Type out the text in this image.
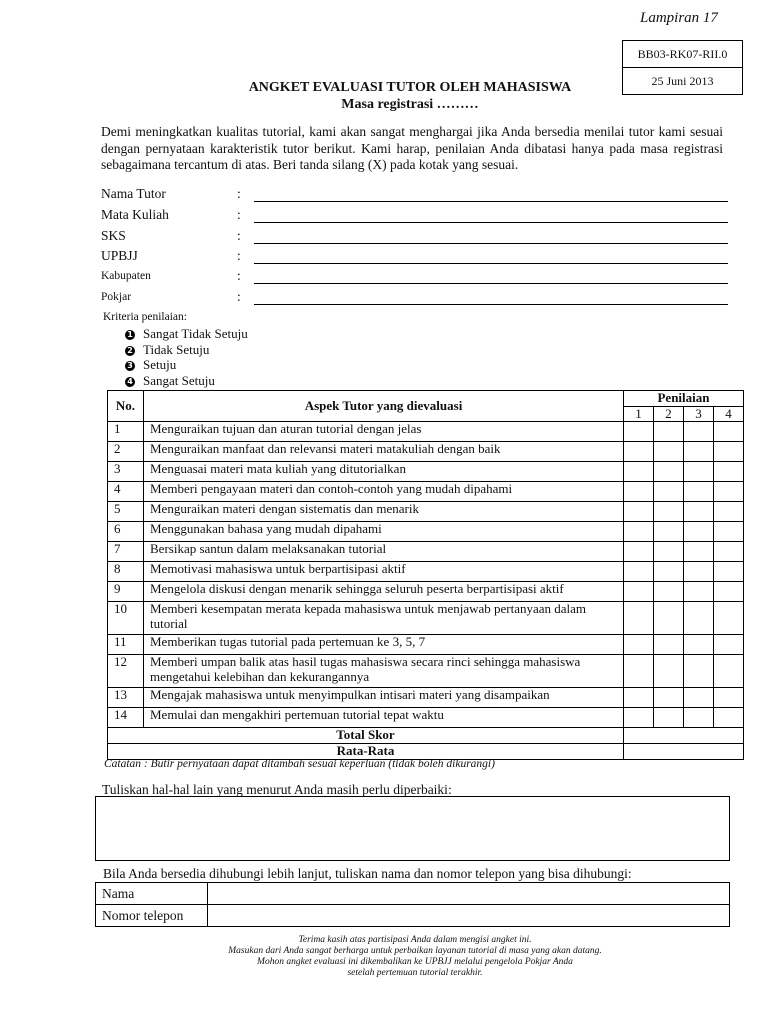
Lampiran 17
BB03-RK07-RII.0
25 Juni 2013
ANGKET EVALUASI TUTOR OLEH MAHASISWA
Masa registrasi ………
Demi meningkatkan kualitas tutorial, kami akan sangat menghargai jika Anda bersedia menilai tutor kami sesuai dengan pernyataan karakteristik tutor berikut. Kami harap, penilaian Anda dibatasi hanya pada masa registrasi sebagaimana tercantum di atas. Beri tanda silang (X) pada kotak yang sesuai.
Nama Tutor	:
Mata Kuliah	:
SKS	:
UPBJJ	:
Kabupaten	:
Pokjar	:
Kriteria penilaian:
1 Sangat Tidak Setuju
2 Tidak Setuju
3 Setuju
4 Sangat Setuju
No.	Aspek Tutor yang dievaluasi	Penilaian			
		1	2	3	4
1	Menguraikan tujuan dan aturan tutorial dengan jelas				
2	Menguraikan manfaat dan relevansi materi matakuliah dengan baik				
3	Menguasai materi mata kuliah yang ditutorialkan				
4	Memberi pengayaan materi dan contoh-contoh yang mudah dipahami				
5	Menguraikan materi dengan sistematis dan menarik				
6	Menggunakan bahasa yang mudah dipahami				
7	Bersikap santun dalam melaksanakan tutorial				
8	Memotivasi mahasiswa untuk berpartisipasi aktif				
9	Mengelola diskusi dengan menarik sehingga seluruh peserta berpartisipasi aktif				
10	Memberi kesempatan merata kepada mahasiswa untuk menjawab pertanyaan dalam tutorial				
11	Memberikan tugas tutorial pada pertemuan ke 3, 5, 7				
12	Memberi umpan balik atas hasil tugas mahasiswa secara rinci sehingga mahasiswa mengetahui kelebihan dan kekurangannya				
13	Mengajak mahasiswa untuk menyimpulkan intisari materi yang disampaikan				
14	Memulai dan mengakhiri pertemuan tutorial tepat waktu				
Total Skor					
Rata-Rata					
Catatan : Butir pernyataan dapat ditambah sesuai keperluan (tidak boleh dikurangi)
Tuliskan hal-hal lain yang menurut Anda masih perlu diperbaiki:
Bila Anda bersedia dihubungi lebih lanjut, tuliskan nama dan nomor telepon yang bisa dihubungi:
Nama	
Nomor telepon	
Terima kasih atas partisipasi Anda dalam mengisi angket ini.
Masukan dari Anda sangat berharga untuk perbaikan layanan tutorial di masa yang akan datang.
Mohon angket evaluasi ini dikembalikan ke UPBJJ melalui pengelola Pokjar Anda
setelah pertemuan tutorial terakhir.
